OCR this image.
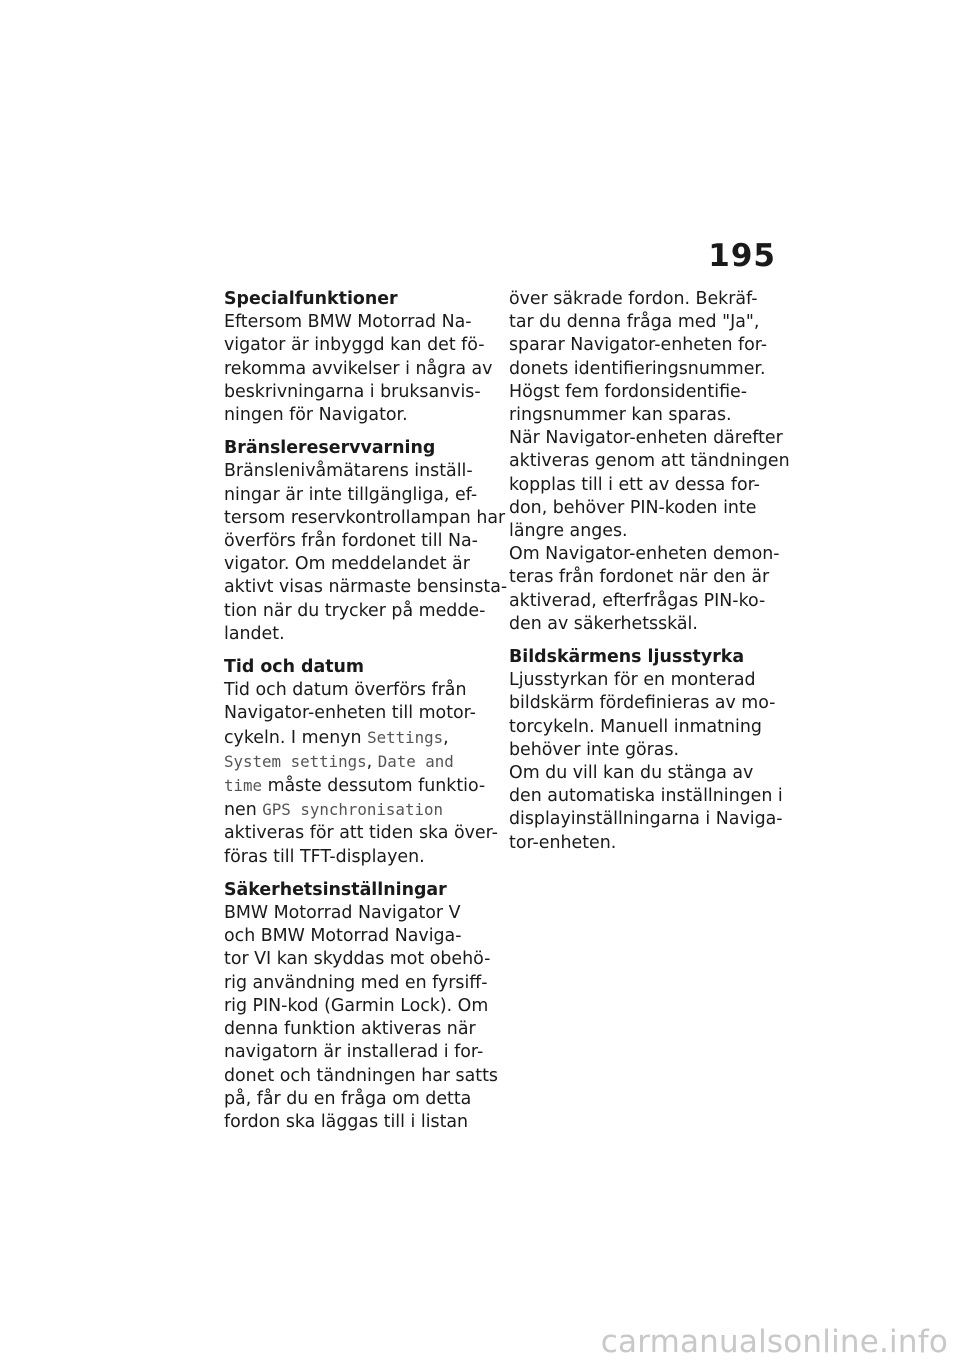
195

Specialfunktioner

Eftersom BMW Motorrad Na-
vigator är inbyggd kan det fö-
rekomma avvikelser i några av
beskrivningarna i bruksanvis-
ningen för Navigator.

Bränslereservvarning

Bränslenivåmätarens inställ-
ningar är inte tillgängliga, ef-
tersom reservkontrollampan har
överförs från fordonet till Na-
vigator. Om meddelandet är
aktivt visas närmaste bensinsta-
tion när du trycker på medde-
landet.

Tid och datum

Tid och datum överförs från
Navigator-enheten till motor-
cykeln. I menyn Settings,
System settings, Date and
time måste dessutom funktio-
nen GPS synchronisation
aktiveras för att tiden ska över-
föras till TFT-displayen.

Säkerhetsinställningar

BMW Motorrad Navigator V
och BMW Motorrad Naviga-
tor VI kan skyddas mot obehö-
rig användning med en fyrsiff-
rig PIN-kod (Garmin Lock). Om
denna funktion aktiveras när
navigatorn är installerad i for-
donet och tändningen har satts
på, får du en fråga om detta
fordon ska läggas till i listan

över säkrade fordon. Bekräf-
tar du denna fråga med "Ja",
sparar Navigator-enheten for-
donets identifieringsnummer.
Högst fem fordonsidentifie-
ringsnummer kan sparas.
När Navigator-enheten därefter
aktiveras genom att tändningen
kopplas till i ett av dessa for-
don, behöver PIN-koden inte
längre anges.
Om Navigator-enheten demon-
teras från fordonet när den är
aktiverad, efterfrågas PIN-ko-
den av säkerhetsskäl.

Bildskärmens ljusstyrka

Ljusstyrkan för en monterad
bildskärm fördefinieras av mo-
torcykeln. Manuell inmatning
behöver inte göras.
Om du vill kan du stänga av
den automatiska inställningen i
displayinställningarna i Naviga-
tor-enheten.

carmanualsonline.info
